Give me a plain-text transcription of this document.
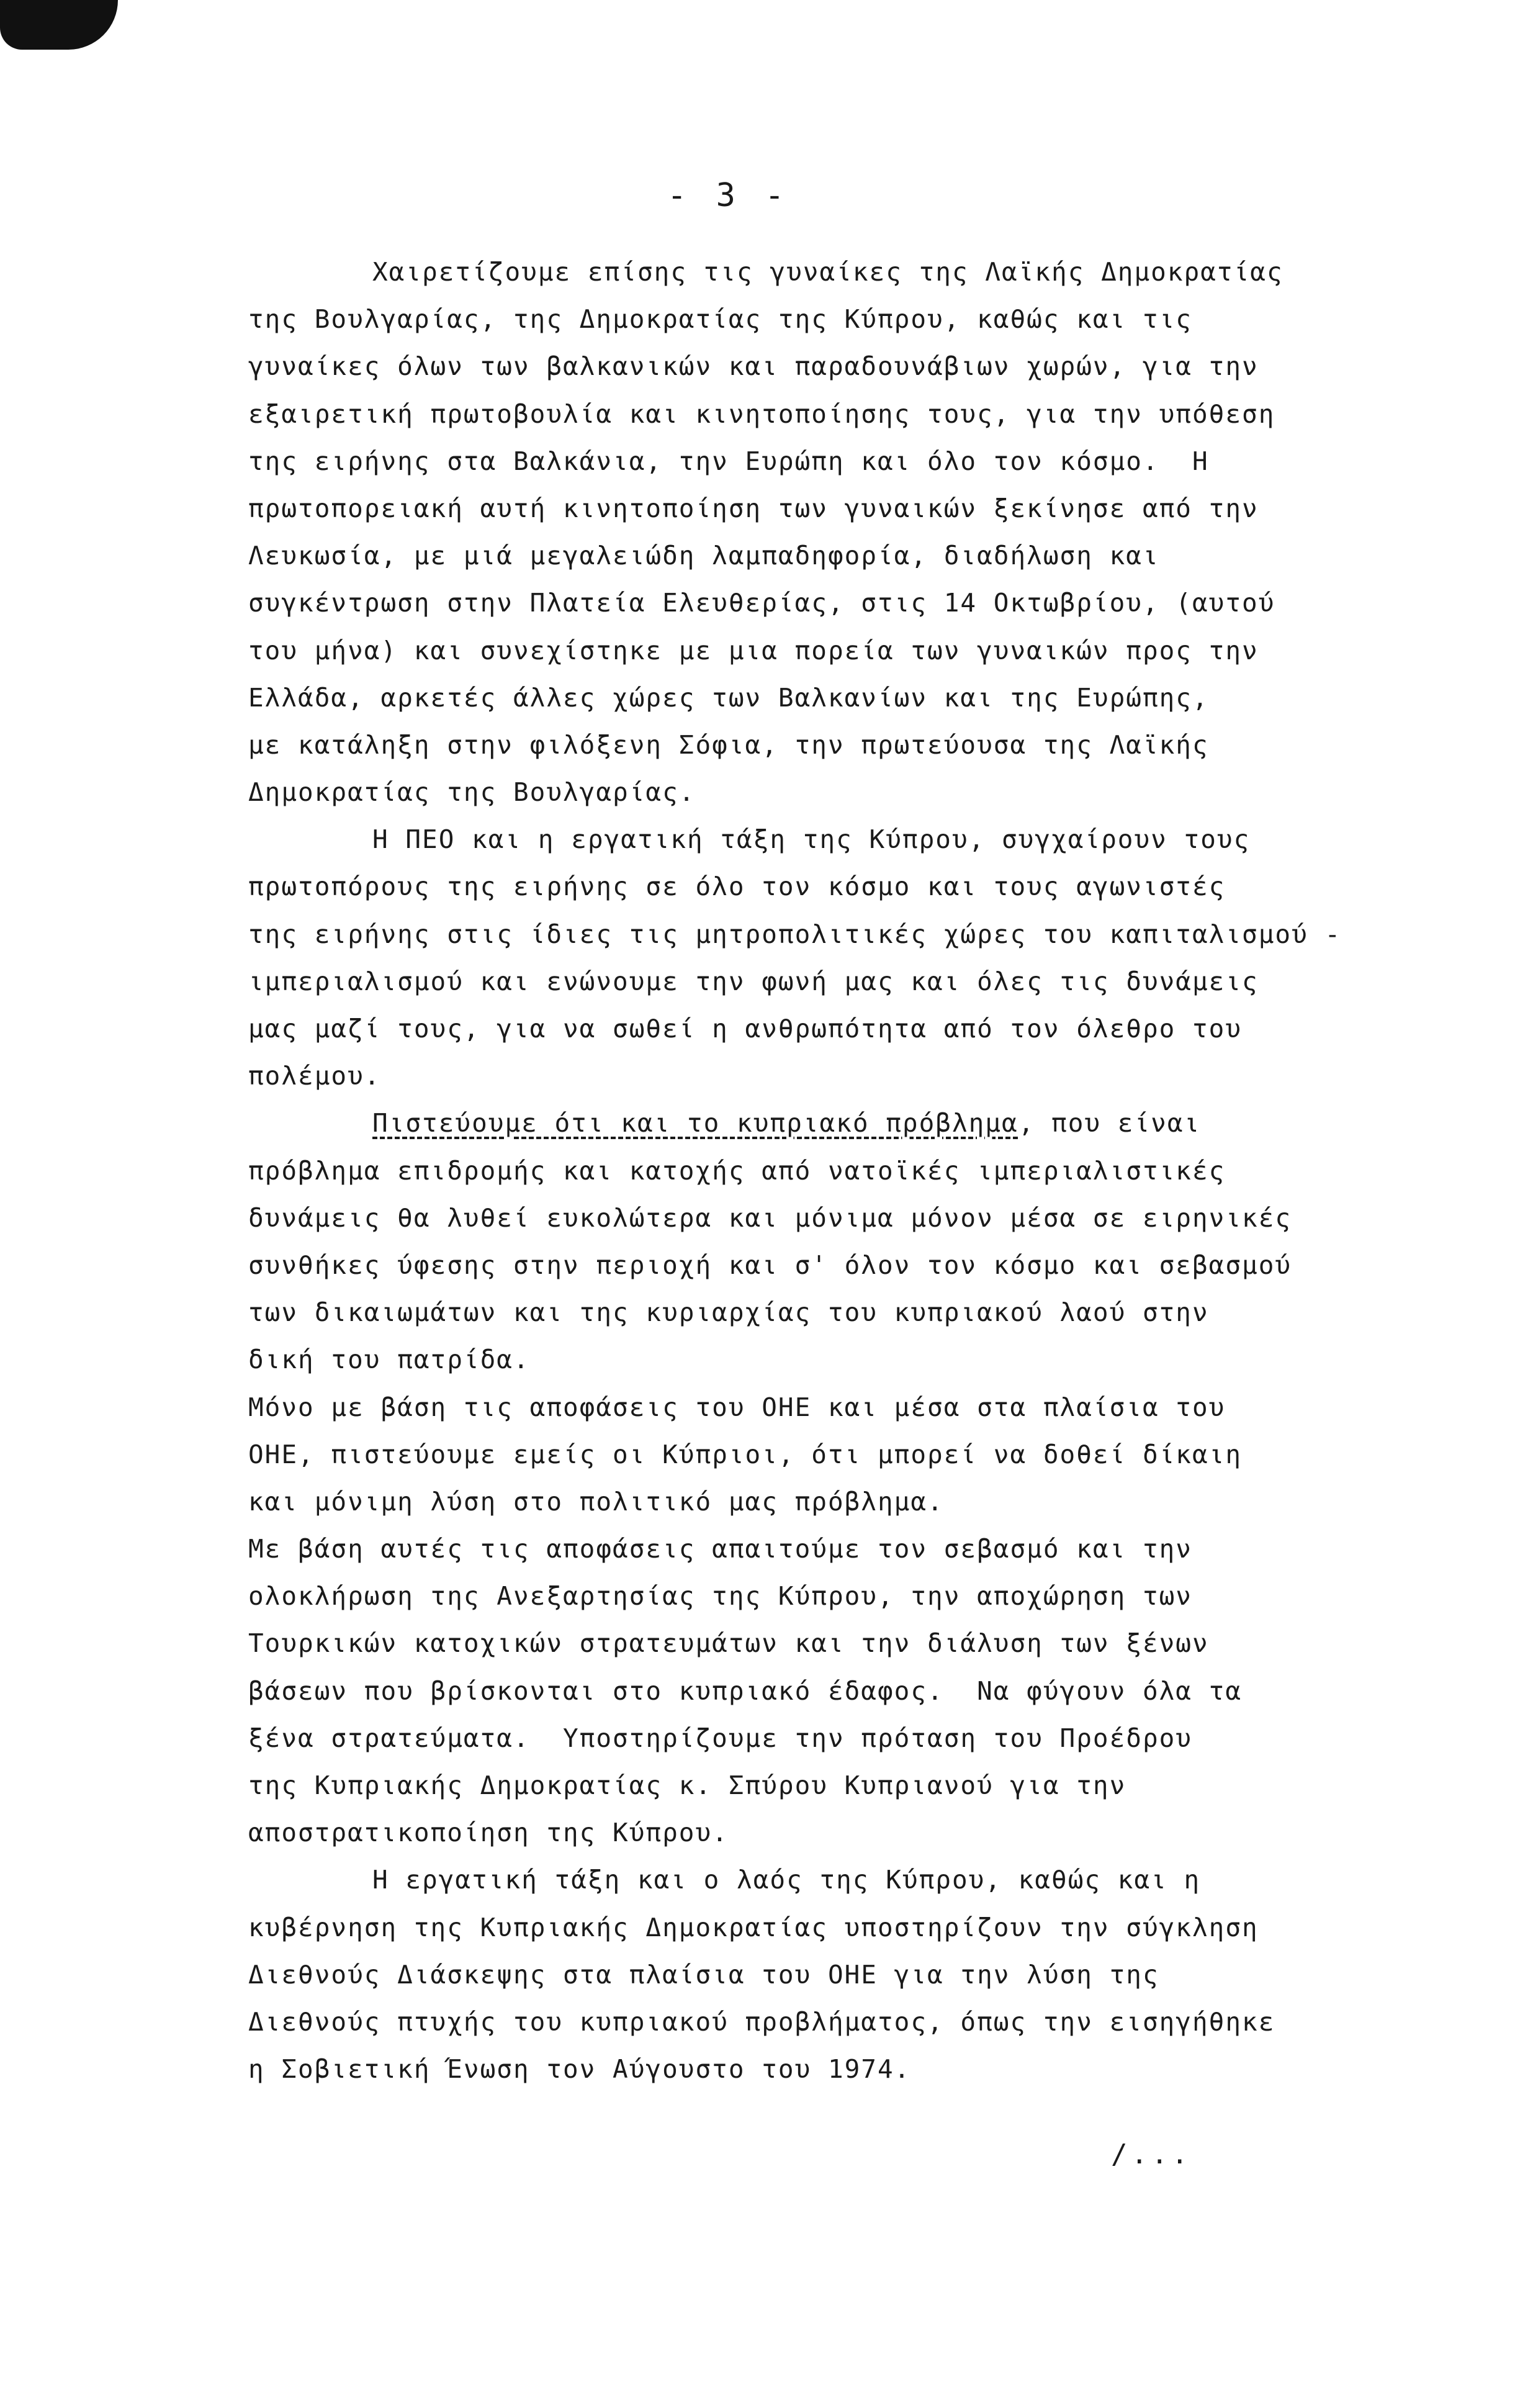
- 3 -
Χαιρετίζουμε επίσης τις γυναίκες της Λαϊκής Δημοκρατίας
της Βουλγαρίας, της Δημοκρατίας της Κύπρου, καθώς και τις
γυναίκες όλων των βαλκανικών και παραδουνάβιων χωρών, για την
εξαιρετική πρωτοβουλία και κινητοποίησης τους, για την υπόθεση
της ειρήνης στα Βαλκάνια, την Ευρώπη και όλο τον κόσμο.  Η
πρωτοπορειακή αυτή κινητοποίηση των γυναικών ξεκίνησε από την
Λευκωσία, με μιά μεγαλειώδη λαμπαδηφορία, διαδήλωση και
συγκέντρωση στην Πλατεία Ελευθερίας, στις 14 Οκτωβρίου, (αυτού
του μήνα) και συνεχίστηκε με μια πορεία των γυναικών προς την
Ελλάδα, αρκετές άλλες χώρες των Βαλκανίων και της Ευρώπης,
με κατάληξη στην φιλόξενη Σόφια, την πρωτεύουσα της Λαϊκής
Δημοκρατίας της Βουλγαρίας.
Η ΠΕΟ και η εργατική τάξη της Κύπρου, συγχαίρουν τους
πρωτοπόρους της ειρήνης σε όλο τον κόσμο και τους αγωνιστές
της ειρήνης στις ίδιες τις μητροπολιτικές χώρες του καπιταλισμού -
ιμπεριαλισμού και ενώνουμε την φωνή μας και όλες τις δυνάμεις
μας μαζί τους, για να σωθεί η ανθρωπότητα από τον όλεθρο του
πολέμου.
Πιστεύουμε ότι και το κυπριακό πρόβλημα, που είναι
πρόβλημα επιδρομής και κατοχής από νατοϊκές ιμπεριαλιστικές
δυνάμεις θα λυθεί ευκολώτερα και μόνιμα μόνον μέσα σε ειρηνικές
συνθήκες ύφεσης στην περιοχή και σ' όλον τον κόσμο και σεβασμού
των δικαιωμάτων και της κυριαρχίας του κυπριακού λαού στην
δική του πατρίδα.
Μόνο με βάση τις αποφάσεις του ΟΗΕ και μέσα στα πλαίσια του
ΟΗΕ, πιστεύουμε εμείς οι Κύπριοι, ότι μπορεί να δοθεί δίκαιη
και μόνιμη λύση στο πολιτικό μας πρόβλημα.
Με βάση αυτές τις αποφάσεις απαιτούμε τον σεβασμό και την
ολοκλήρωση της Ανεξαρτησίας της Κύπρου, την αποχώρηση των
Τουρκικών κατοχικών στρατευμάτων και την διάλυση των ξένων
βάσεων που βρίσκονται στο κυπριακό έδαφος.  Να φύγουν όλα τα
ξένα στρατεύματα.  Υποστηρίζουμε την πρόταση του Προέδρου
της Κυπριακής Δημοκρατίας κ. Σπύρου Κυπριανού για την
αποστρατικοποίηση της Κύπρου.
Η εργατική τάξη και ο λαός της Κύπρου, καθώς και η
κυβέρνηση της Κυπριακής Δημοκρατίας υποστηρίζουν την σύγκληση
Διεθνούς Διάσκεψης στα πλαίσια του ΟΗΕ για την λύση της
Διεθνούς πτυχής του κυπριακού προβλήματος, όπως την εισηγήθηκε
η Σοβιετική Ένωση τον Αύγουστο του 1974.
/...
